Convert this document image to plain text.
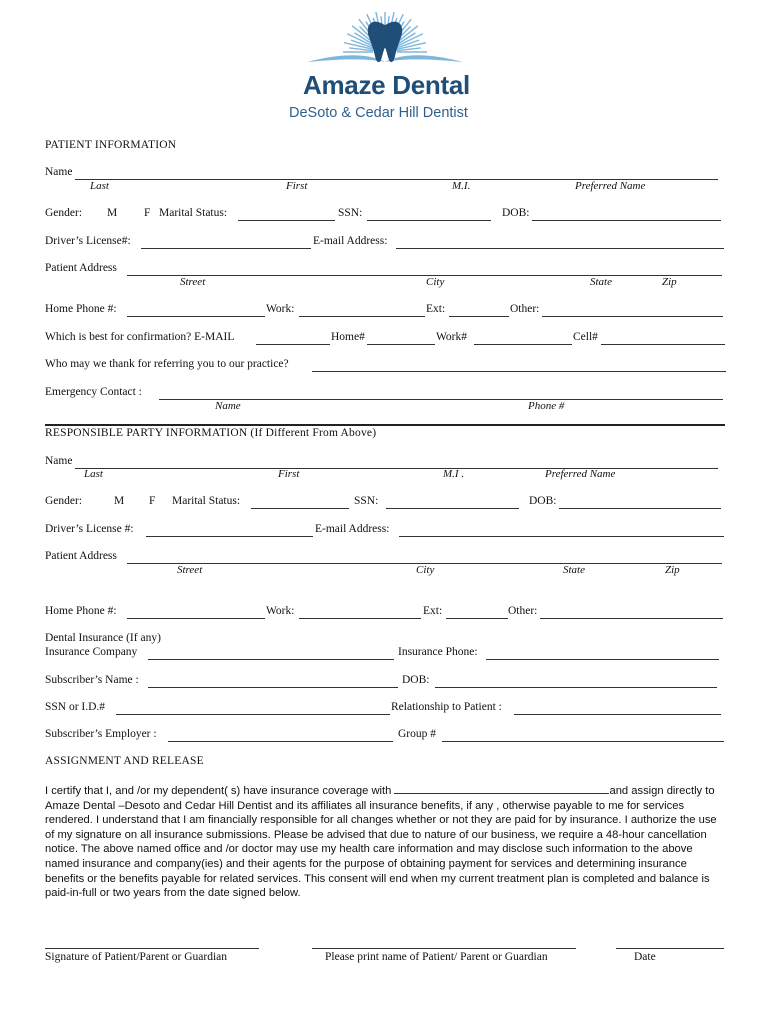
Amaze Dental
DeSoto & Cedar Hill Dentist
PATIENT INFORMATION
Name
Last	First	M.I.	Preferred Name
Gender: M F Marital Status:	SSN:	DOB:
Driver’s License#:	E-mail Address:
Patient Address
Street	City	State	Zip
Home Phone #:	Work:	Ext:	Other:
Which is best for confirmation? E-MAIL	Home#	Work#	Cell#
Who may we thank for referring you to our practice?
Emergency Contact :
Name	Phone #
RESPONSIBLE PARTY INFORMATION (If Different From Above)
Name
Last	First	M.I .	Preferred Name
Gender:	M F Marital Status:	SSN:	DOB:
Driver’s License #:	E-mail Address:
Patient Address
Street	City	State	Zip
Home Phone #:	Work:	Ext:	Other:
Dental Insurance (If any)
Insurance Company	Insurance Phone:
Subscriber’s Name :	DOB:
SSN or I.D.#	Relationship to Patient :
Subscriber’s Employer :	Group #
ASSIGNMENT AND RELEASE
I certify that I, and /or my dependent( s) have insurance coverage with	and assign directly to Amaze Dental –Desoto and Cedar Hill Dentist and its affiliates all insurance benefits, if any , otherwise payable to me for services rendered. I understand that I am financially responsible for all changes whether or not they are paid for by insurance. I authorize the use of my signature on all insurance submissions. Please be advised that due to nature of our business, we require a 48-hour cancellation notice. The above named office and /or doctor may use my health care information and may disclose such information to the above named insurance and company(ies) and their agents for the purpose of obtaining payment for services and determining insurance benefits or the benefits payable for related services. This consent will end when my current treatment plan is completed and balance is paid-in-full or two years from the date signed below.
Signature of Patient/Parent or Guardian	Please print name of Patient/ Parent or Guardian	Date
